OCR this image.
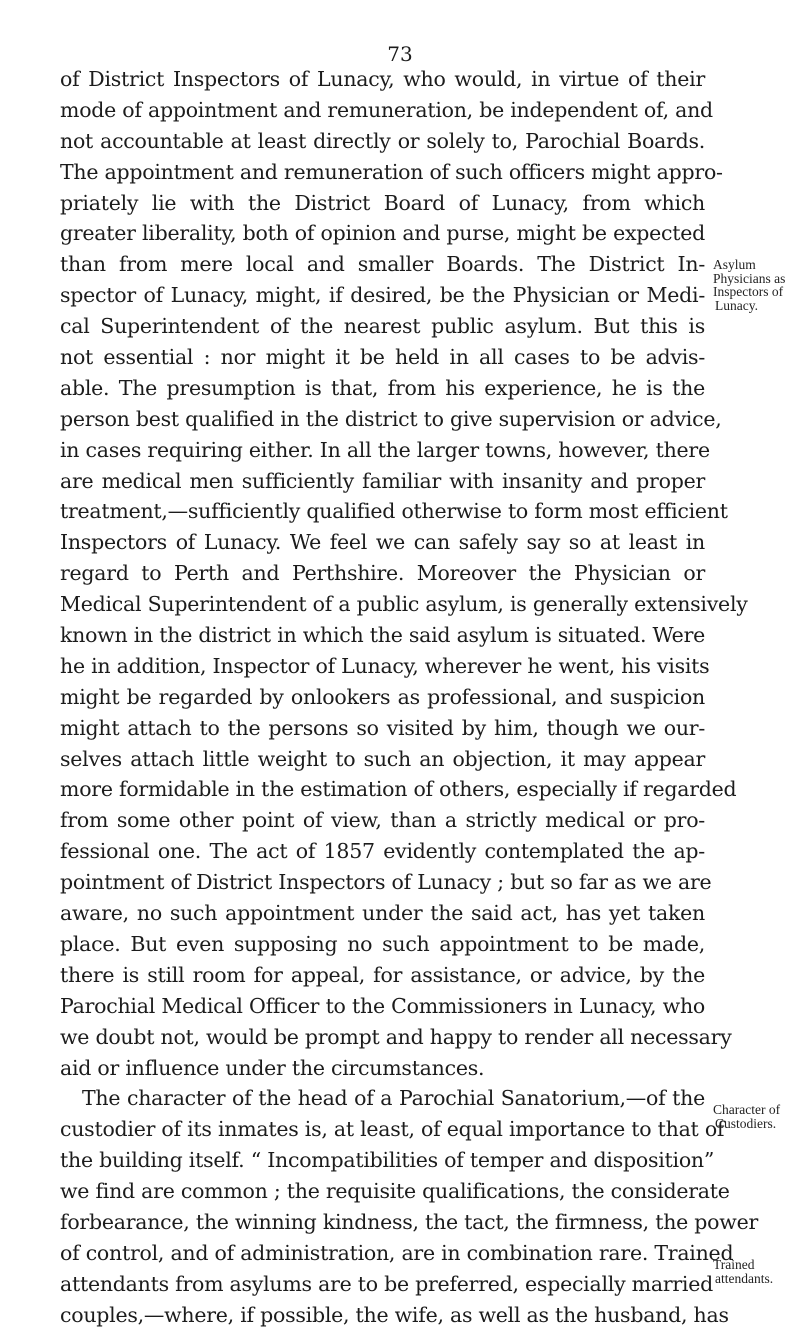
73
of District Inspectors of Lunacy, who would, in virtue of their
mode of appointment and remuneration, be independent of, and
not accountable at least directly or solely to, Parochial Boards.
The appointment and remuneration of such officers might appro-
priately lie with the District Board of Lunacy, from which
greater liberality, both of opinion and purse, might be expected
than from mere local and smaller Boards. The District In-
spector of Lunacy, might, if desired, be the Physician or Medi-
cal Superintendent of the nearest public asylum. But this is
not essential : nor might it be held in all cases to be advis-
able. The presumption is that, from his experience, he is the
person best qualified in the district to give supervision or advice,
in cases requiring either. In all the larger towns, however, there
are medical men sufficiently familiar with insanity and proper
treatment,—sufficiently qualified otherwise to form most efficient
Inspectors of Lunacy. We feel we can safely say so at least in
regard to Perth and Perthshire. Moreover the Physician or
Medical Superintendent of a public asylum, is generally extensively
known in the district in which the said asylum is situated. Were
he in addition, Inspector of Lunacy, wherever he went, his visits
might be regarded by onlookers as professional, and suspicion
might attach to the persons so visited by him, though we our-
selves attach little weight to such an objection, it may appear
more formidable in the estimation of others, especially if regarded
from some other point of view, than a strictly medical or pro-
fessional one. The act of 1857 evidently contemplated the ap-
pointment of District Inspectors of Lunacy ; but so far as we are
aware, no such appointment under the said act, has yet taken
place. But even supposing no such appointment to be made,
there is still room for appeal, for assistance, or advice, by the
Parochial Medical Officer to the Commissioners in Lunacy, who
we doubt not, would be prompt and happy to render all necessary
aid or influence under the circumstances.
The character of the head of a Parochial Sanatorium,—of the
custodier of its inmates is, at least, of equal importance to that of
the building itself. “ Incompatibilities of temper and disposition”
we find are common ; the requisite qualifications, the considerate
forbearance, the winning kindness, the tact, the firmness, the power
of control, and of administration, are in combination rare. Trained
attendants from asylums are to be preferred, especially married
couples,—where, if possible, the wife, as well as the husband, has
Asylum
Physicians as
Inspectors of
Lunacy.
Character of
Custodiers.
Trained
attendants.
